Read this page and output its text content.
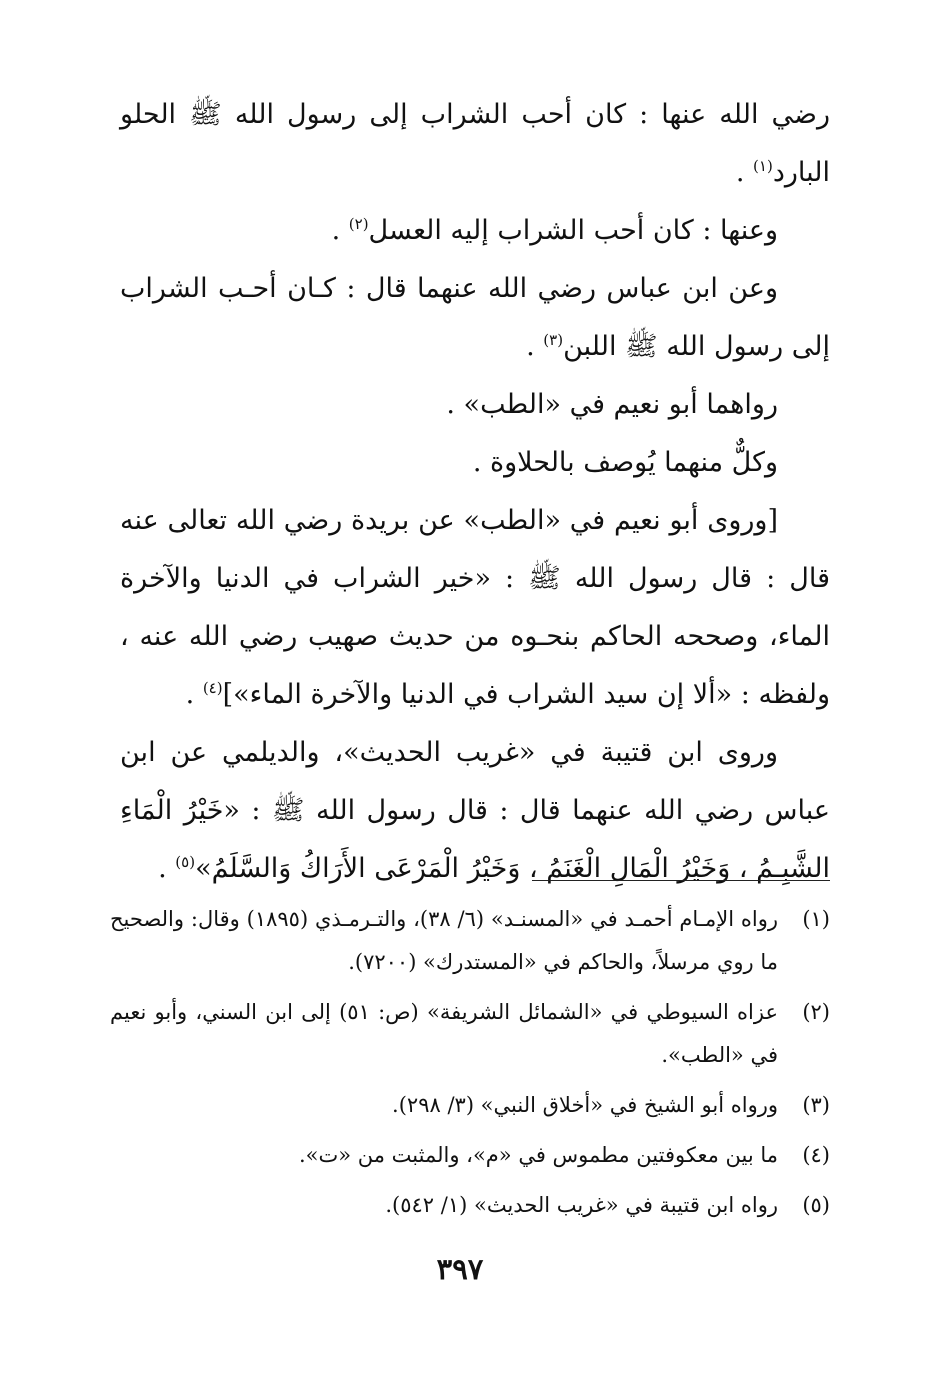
رضي الله عنها : كان أحب الشراب إلى رسول الله ﷺ الحلو البارد$^{(١)}$ .

وعنها : كان أحب الشراب إليه العسل$^{(٢)}$ .

وعن ابن عباس رضي الله عنهما قال : كـان أحـب الشراب إلى رسول الله ﷺ اللبن$^{(٣)}$ .

رواهما أبو نعيم في «الطب» .

وكلٌّ منهما يُوصف بالحلاوة .

[وروى أبو نعيم في «الطب» عن بريدة رضي الله تعالى عنه قال : قال رسول الله ﷺ : «خير الشراب في الدنيا والآخرة الماء، وصححه الحاكم بنحـوه من حديث صهيب رضي الله عنه ، ولفظه : «ألا إن سيد الشراب في الدنيا والآخرة الماء»]$^{(٤)}$ .

وروى ابن قتيبة في «غريب الحديث»، والديلمي عن ابن عباس رضي الله عنهما قال : قال رسول الله ﷺ : «خَيْرُ الْمَاءِ الشَّبِـمُ ، وَخَيْرُ الْمَالِ الْغَنَمُ ، وَخَيْرُ الْمَرْعَى الأَرَاكُ وَالسَّلَمُ»$^{(٥)}$ .

(١)
رواه الإمـام أحمـد في «المسنـد» (٦/ ٣٨)، والتـرمـذي (١٨٩٥) وقال: والصحيح ما روي مرسلاً، والحاكم في «المستدرك» (٧٢٠٠).
(٢)
عزاه السيوطي في «الشمائل الشريفة» (ص: ٥١) إلى ابن السني، وأبو نعيم في «الطب».
(٣)
ورواه أبو الشيخ في «أخلاق النبي» (٣/ ٢٩٨).
(٤)
ما بين معكوفتين مطموس في «م»، والمثبت من «ت».
(٥)
رواه ابن قتيبة في «غريب الحديث» (١/ ٥٤٢).
٣٩٧
